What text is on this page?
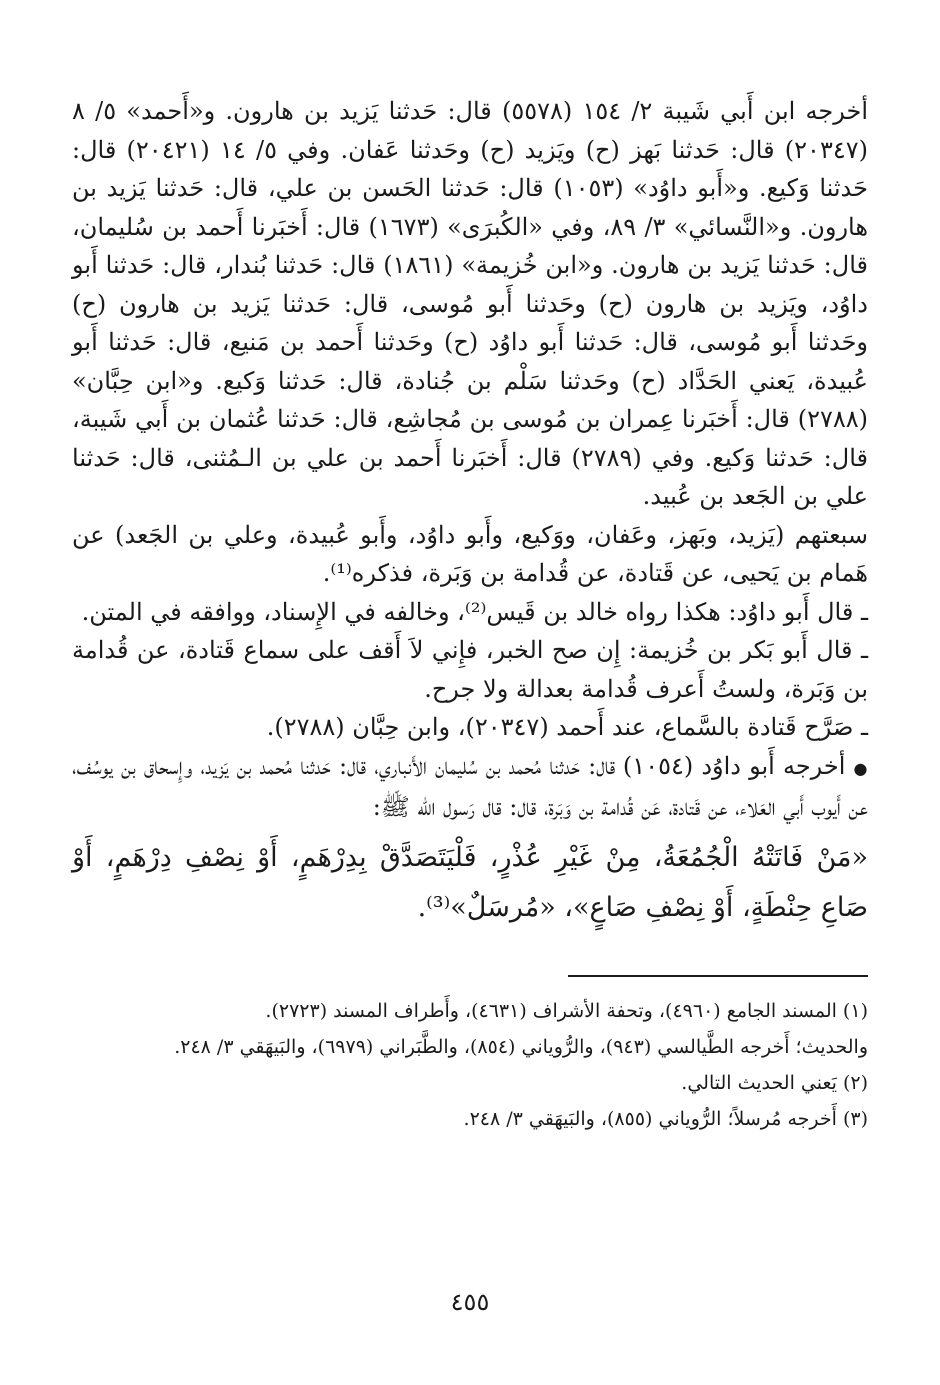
أخرجه ابن أَبي شَيبة ٢/ ١٥٤ (٥٥٧٨) قال: حَدثنا يَزيد بن هارون. و«أَحمد» ٥/ ٨ (٢٠٣٤٧) قال: حَدثنا بَهز (ح) ويَزيد (ح) وحَدثنا عَفان. وفي ٥/ ١٤ (٢٠٤٢١) قال: حَدثنا وَكيع. و«أَبو داوُد» (١٠٥٣) قال: حَدثنا الحَسن بن علي، قال: حَدثنا يَزيد بن هارون. و«النَّسائي» ٣/ ٨٩، وفي «الكُبرَى» (١٦٧٣) قال: أَخبَرنا أَحمد بن سُليمان، قال: حَدثنا يَزيد بن هارون. و«ابن خُزيمة» (١٨٦١) قال: حَدثنا بُندار، قال: حَدثنا أَبو داوُد، ويَزيد بن هارون (ح) وحَدثنا أَبو مُوسى، قال: حَدثنا يَزيد بن هارون (ح) وحَدثنا أَبو مُوسى، قال: حَدثنا أَبو داوُد (ح) وحَدثنا أَحمد بن مَنيع، قال: حَدثنا أَبو عُبيدة، يَعني الحَدَّاد (ح) وحَدثنا سَلْم بن جُنادة، قال: حَدثنا وَكيع. و«ابن حِبَّان» (٢٧٨٨) قال: أَخبَرنا عِمران بن مُوسى بن مُجاشِع، قال: حَدثنا عُثمان بن أَبي شَيبة، قال: حَدثنا وَكيع. وفي (٢٧٨٩) قال: أَخبَرنا أَحمد بن علي بن الـمُثنى، قال: حَدثنا علي بن الجَعد بن عُبيد.

سبعتهم (يَزيد، وبَهز، وعَفان، ووَكيع، وأَبو داوُد، وأَبو عُبيدة، وعلي بن الجَعد) عن هَمام بن يَحيى، عن قَتادة، عن قُدامة بن وَبَرة، فذكره⁽¹⁾.

ـ قال أَبو داوُد: هكذا رواه خالد بن قَيس⁽²⁾، وخالفه في الإِسناد، ووافقه في المتن.

ـ قال أَبو بَكر بن خُزيمة: إِن صح الخبر، فإِني لاَ أَقف على سماع قَتادة، عن قُدامة بن وَبَرة، ولستُ أَعرف قُدامة بعدالة ولا جرح.

ـ صَرَّح قَتادة بالسَّماع، عند أَحمد (٢٠٣٤٧)، وابن حِبَّان (٢٧٨٨).

● أخرجه أَبو داوُد (١٠٥٤) قال: حَدثنا مُحمد بن سُليمان الأَنباري، قال: حَدثنا مُحمد بن يَزيد، وإِسحاق بن يوسُف، عن أَيوب أَبي العَلاء، عن قَتادة، عَن قُدامة بن وَبَرة، قال: قال رَسول الله ﷺ:

«مَنْ فَاتَتْهُ الْجُمُعَةُ، مِنْ غَيْرِ عُذْرٍ، فَلْيَتَصَدَّقْ بِدِرْهَمٍ، أَوْ نِصْفِ دِرْهَمٍ، أَوْ صَاعِ حِنْطَةٍ، أَوْ نِصْفِ صَاعٍ»، «مُرسَلٌ»⁽³⁾.

(١) المسند الجامع (٤٩٦٠)، وتحفة الأشراف (٤٦٣١)، وأَطراف المسند (٢٧٢٣).

والحديث؛ أَخرجه الطَّيالسي (٩٤٣)، والرُّوياني (٨٥٤)، والطَّبَراني (٦٩٧٩)، والبَيهَقي ٣/ ٢٤٨.

(٢) يَعني الحديث التالي.

(٣) أَخرجه مُرسلاً؛ الرُّوياني (٨٥٥)، والبَيهَقي ٣/ ٢٤٨.

٤٥٥
